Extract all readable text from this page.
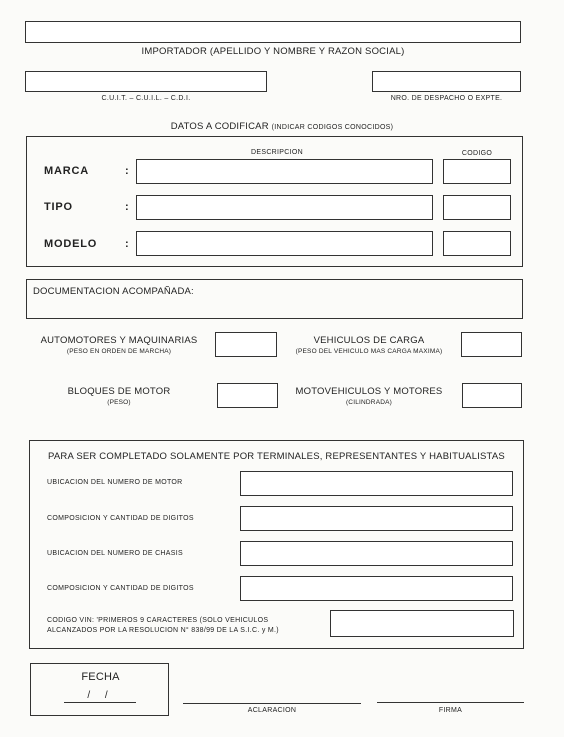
IMPORTADOR (APELLIDO Y NOMBRE Y RAZON SOCIAL)
C.U.I.T. – C.U.I.L. – C.D.I.	NRO. DE DESPACHO O EXPTE.
DATOS A CODIFICAR (INDICAR CODIGOS CONOCIDOS)
DESCRIPCION	CODIGO
MARCA	:
TIPO	:
MODELO	:
DOCUMENTACION ACOMPAÑADA:
AUTOMOTORES Y MAQUINARIAS
(PESO EN ORDEN DE MARCHA)
VEHICULOS DE CARGA
(PESO DEL VEHICULO MAS CARGA MAXIMA)
BLOQUES DE MOTOR
(PESO)
MOTOVEHICULOS Y MOTORES
(CILINDRADA)
PARA SER COMPLETADO SOLAMENTE POR TERMINALES, REPRESENTANTES Y HABITUALISTAS
UBICACION DEL NUMERO DE MOTOR
COMPOSICION Y CANTIDAD DE DIGITOS
UBICACION DEL NUMERO DE CHASIS
COMPOSICION Y CANTIDAD DE DIGITOS
CODIGO VIN: 'PRIMEROS 9 CARACTERES (SOLO VEHICULOS
ALCANZADOS POR LA RESOLUCION N° 838/99 DE LA S.I.C. y M.)
FECHA
/ /
ACLARACION	FIRMA
